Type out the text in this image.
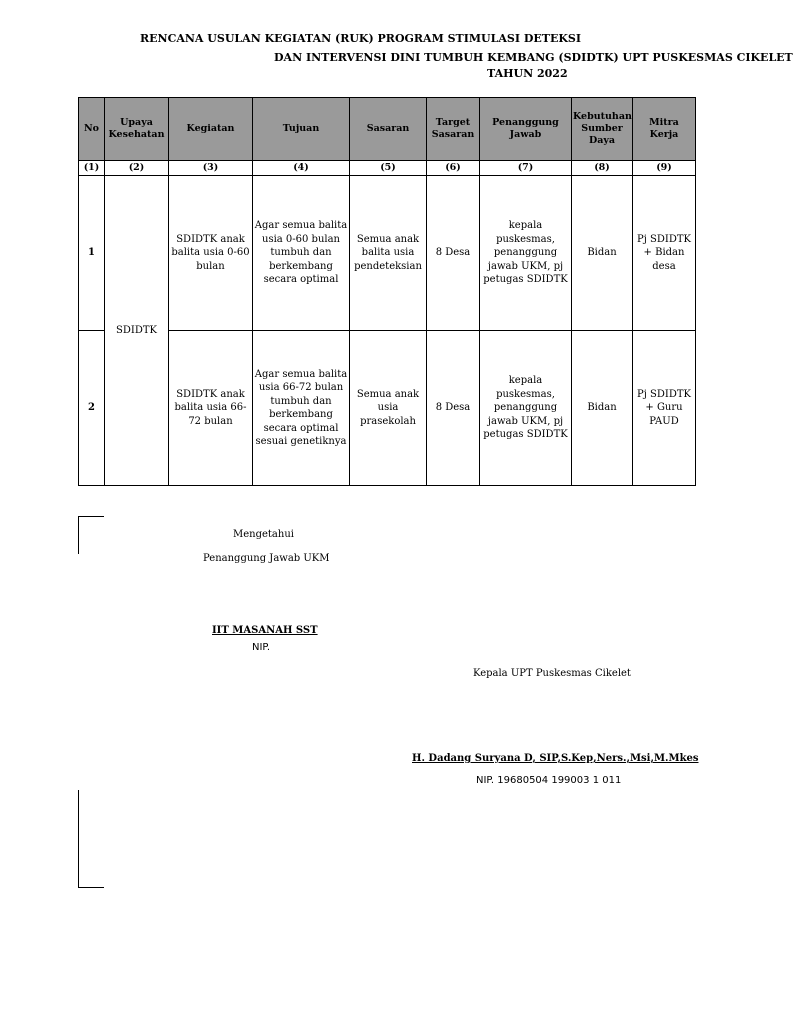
RENCANA USULAN KEGIATAN (RUK) PROGRAM STIMULASI DETEKSI
DAN INTERVENSI DINI TUMBUH KEMBANG (SDIDTK) UPT PUSKESMAS CIKELET
TAHUN 2022
No	Upaya Kesehatan	Kegiatan	Tujuan	Sasaran	Target Sasaran	Penanggung Jawab	Kebutuhan Sumber Daya	Mitra Kerja
(1)	(2)	(3)	(4)	(5)	(6)	(7)	(8)	(9)
1	SDIDTK	SDIDTK anak balita usia 0-60 bulan	Agar semua balita usia 0-60 bulan tumbuh dan berkembang secara optimal	Semua anak balita usia pendeteksian	8 Desa	kepala puskesmas, penanggung jawab UKM, pj petugas SDIDTK	Bidan	Pj SDIDTK + Bidan desa
2		SDIDTK anak balita usia 66-72 bulan	Agar semua balita usia 66-72 bulan tumbuh dan berkembang secara optimal sesuai genetiknya	Semua anak usia prasekolah	8 Desa	kepala puskesmas, penanggung jawab UKM, pj petugas SDIDTK	Bidan	Pj SDIDTK + Guru PAUD
Mengetahui
Penanggung Jawab UKM
IIT MASANAH SST
NIP.
Kepala UPT Puskesmas Cikelet
H. Dadang Suryana D, SIP,S.Kep,Ners.,Msi,M.Mkes
NIP. 19680504 199003 1 011
